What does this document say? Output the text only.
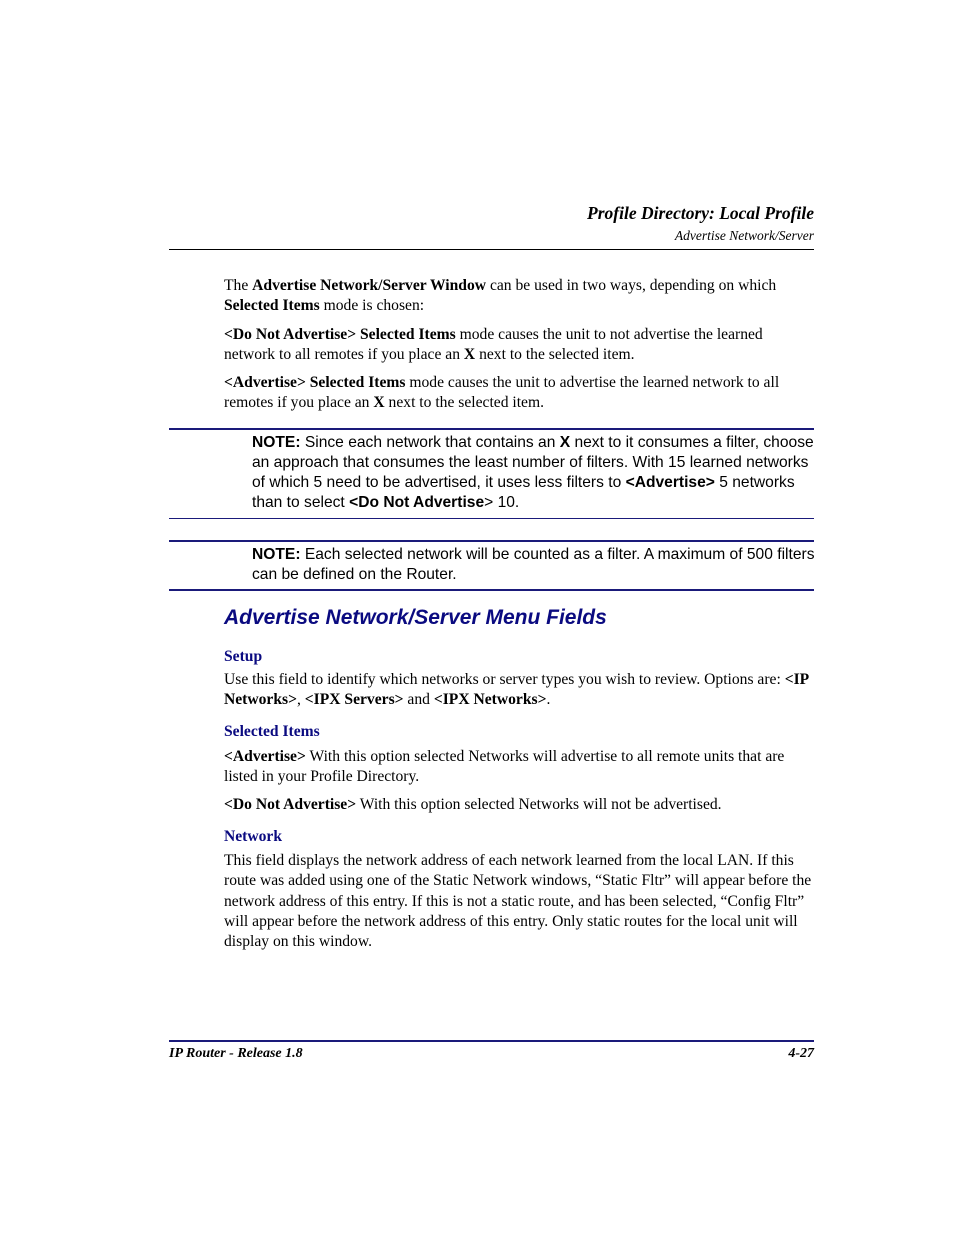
Profile Directory: Local Profile
Advertise Network/Server

The Advertise Network/Server Window can be used in two ways, depending on which Selected Items mode is chosen:

<Do Not Advertise> Selected Items mode causes the unit to not advertise the learned network to all remotes if you place an X next to the selected item.

<Advertise> Selected Items mode causes the unit to advertise the learned network to all remotes if you place an X next to the selected item.

NOTE: Since each network that contains an X next to it consumes a filter, choose an approach that consumes the least number of filters. With 15 learned networks of which 5 need to be advertised, it uses less filters to <Advertise> 5 networks than to select <Do Not Advertise> 10.
NOTE: Each selected network will be counted as a filter. A maximum of 500 filters can be defined on the Router.
Advertise Network/Server Menu Fields
Setup

Use this field to identify which networks or server types you wish to review. Options are: <IP Networks>, <IPX Servers> and <IPX Networks>.

Selected Items

<Advertise> With this option selected Networks will advertise to all remote units that are listed in your Profile Directory.

<Do Not Advertise> With this option selected Networks will not be advertised.

Network

This field displays the network address of each network learned from the local LAN. If this route was added using one of the Static Network windows, “Static Fltr” will appear before the network address of this entry. If this is not a static route, and has been selected, “Config Fltr” will appear before the network address of this entry. Only static routes for the local unit will display on this window.

IP Router - Release 1.8	4-27
